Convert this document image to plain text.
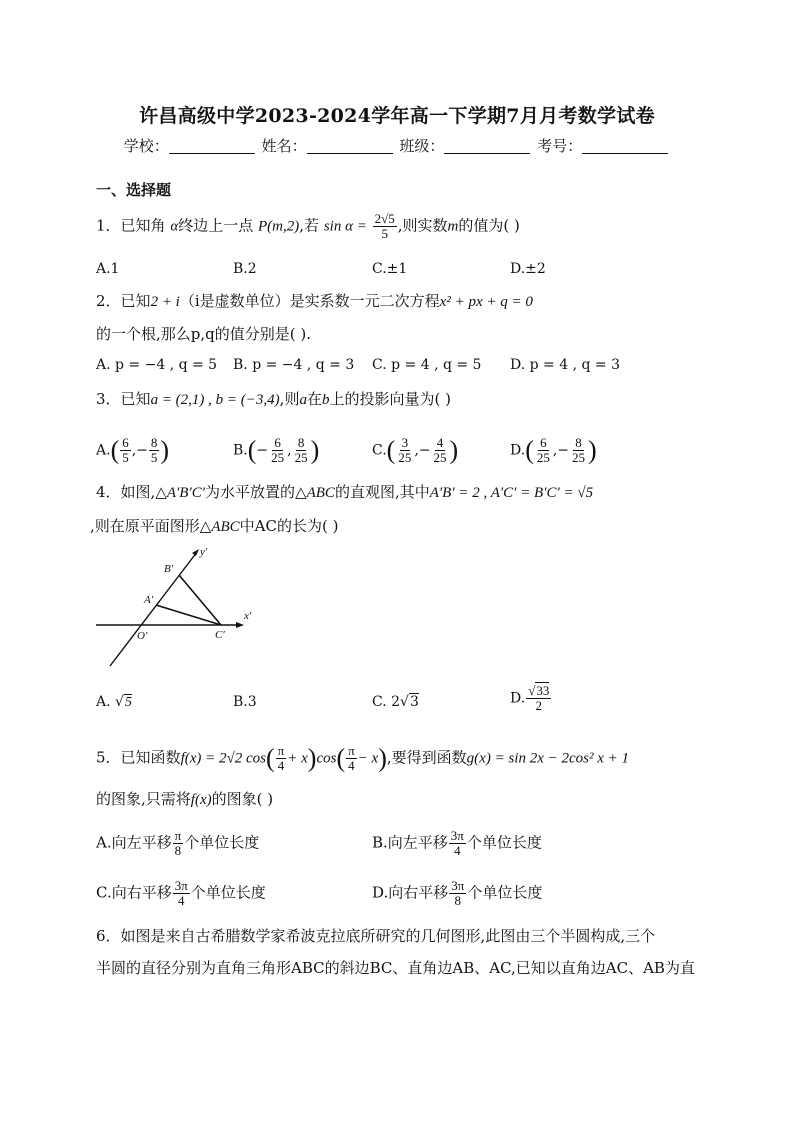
许昌高级中学2023-2024学年高一下学期7月月考数学试卷
学校：	姓名：	班级：	考号：
一、选择题
1．已知角 α终边上一点 P(m,2),若 $\sin \alpha = \frac{2√5}{5}$ ,则实数m的值为( )
A.1	B.2	C.±1	D.±2
2．已知2 + i（i是虚数单位）是实系数一元二次方程x² + px + q = 0
的一个根,那么p,q的值分别是( ).
A. p = −4 , q = 5 B. p = −4 , q = 3 C. p = 4 , q = 5 D. p = 4 , q = 3
3．已知a = (2,1) , b = (−3,4),则a在b上的投影向量为( )
$A.( \frac{6}{5}$ ,− $\frac{8}{5}$ )	$B.(- \frac{6}{25}$ , $\frac{8}{25}$ )	$C.( \frac{3}{25}$ ,− $\frac{4}{25}$ )	$D.( \frac{6}{25}$ ,− $\frac{8}{25}$ )
4．如图,△A′B′C′为水平放置的△ABC的直观图,其中A′B′ = 2 , A′C′ = B′C′ = √5
,则在原平面图形△ABC中AC的长为( )
y′
B′
A′
x′
O′	C′
A. √5	B.3	C. 2√3	D. $\frac{√33}{2}$
5．已知函数f(x) = 2√2 $\cos( \frac{\pi}{4} + x)\cos( \frac{\pi}{4} - x)$,要得到函数g(x) = sin 2x − 2cos² x + 1
的图象,只需将f(x)的图象( )
A.向左平移 $\frac{\pi}{8}$ 个单位长度	B.向左平移 $\frac{3\pi}{4}$ 个单位长度
C.向右平移 $\frac{3\pi}{4}$ 个单位长度	D.向右平移 $\frac{3\pi}{8}$ 个单位长度
6．如图是来自古希腊数学家希波克拉底所研究的几何图形,此图由三个半圆构成,三个
半圆的直径分别为直角三角形ABC的斜边BC、直角边AB、AC,已知以直角边AC、AB为直
